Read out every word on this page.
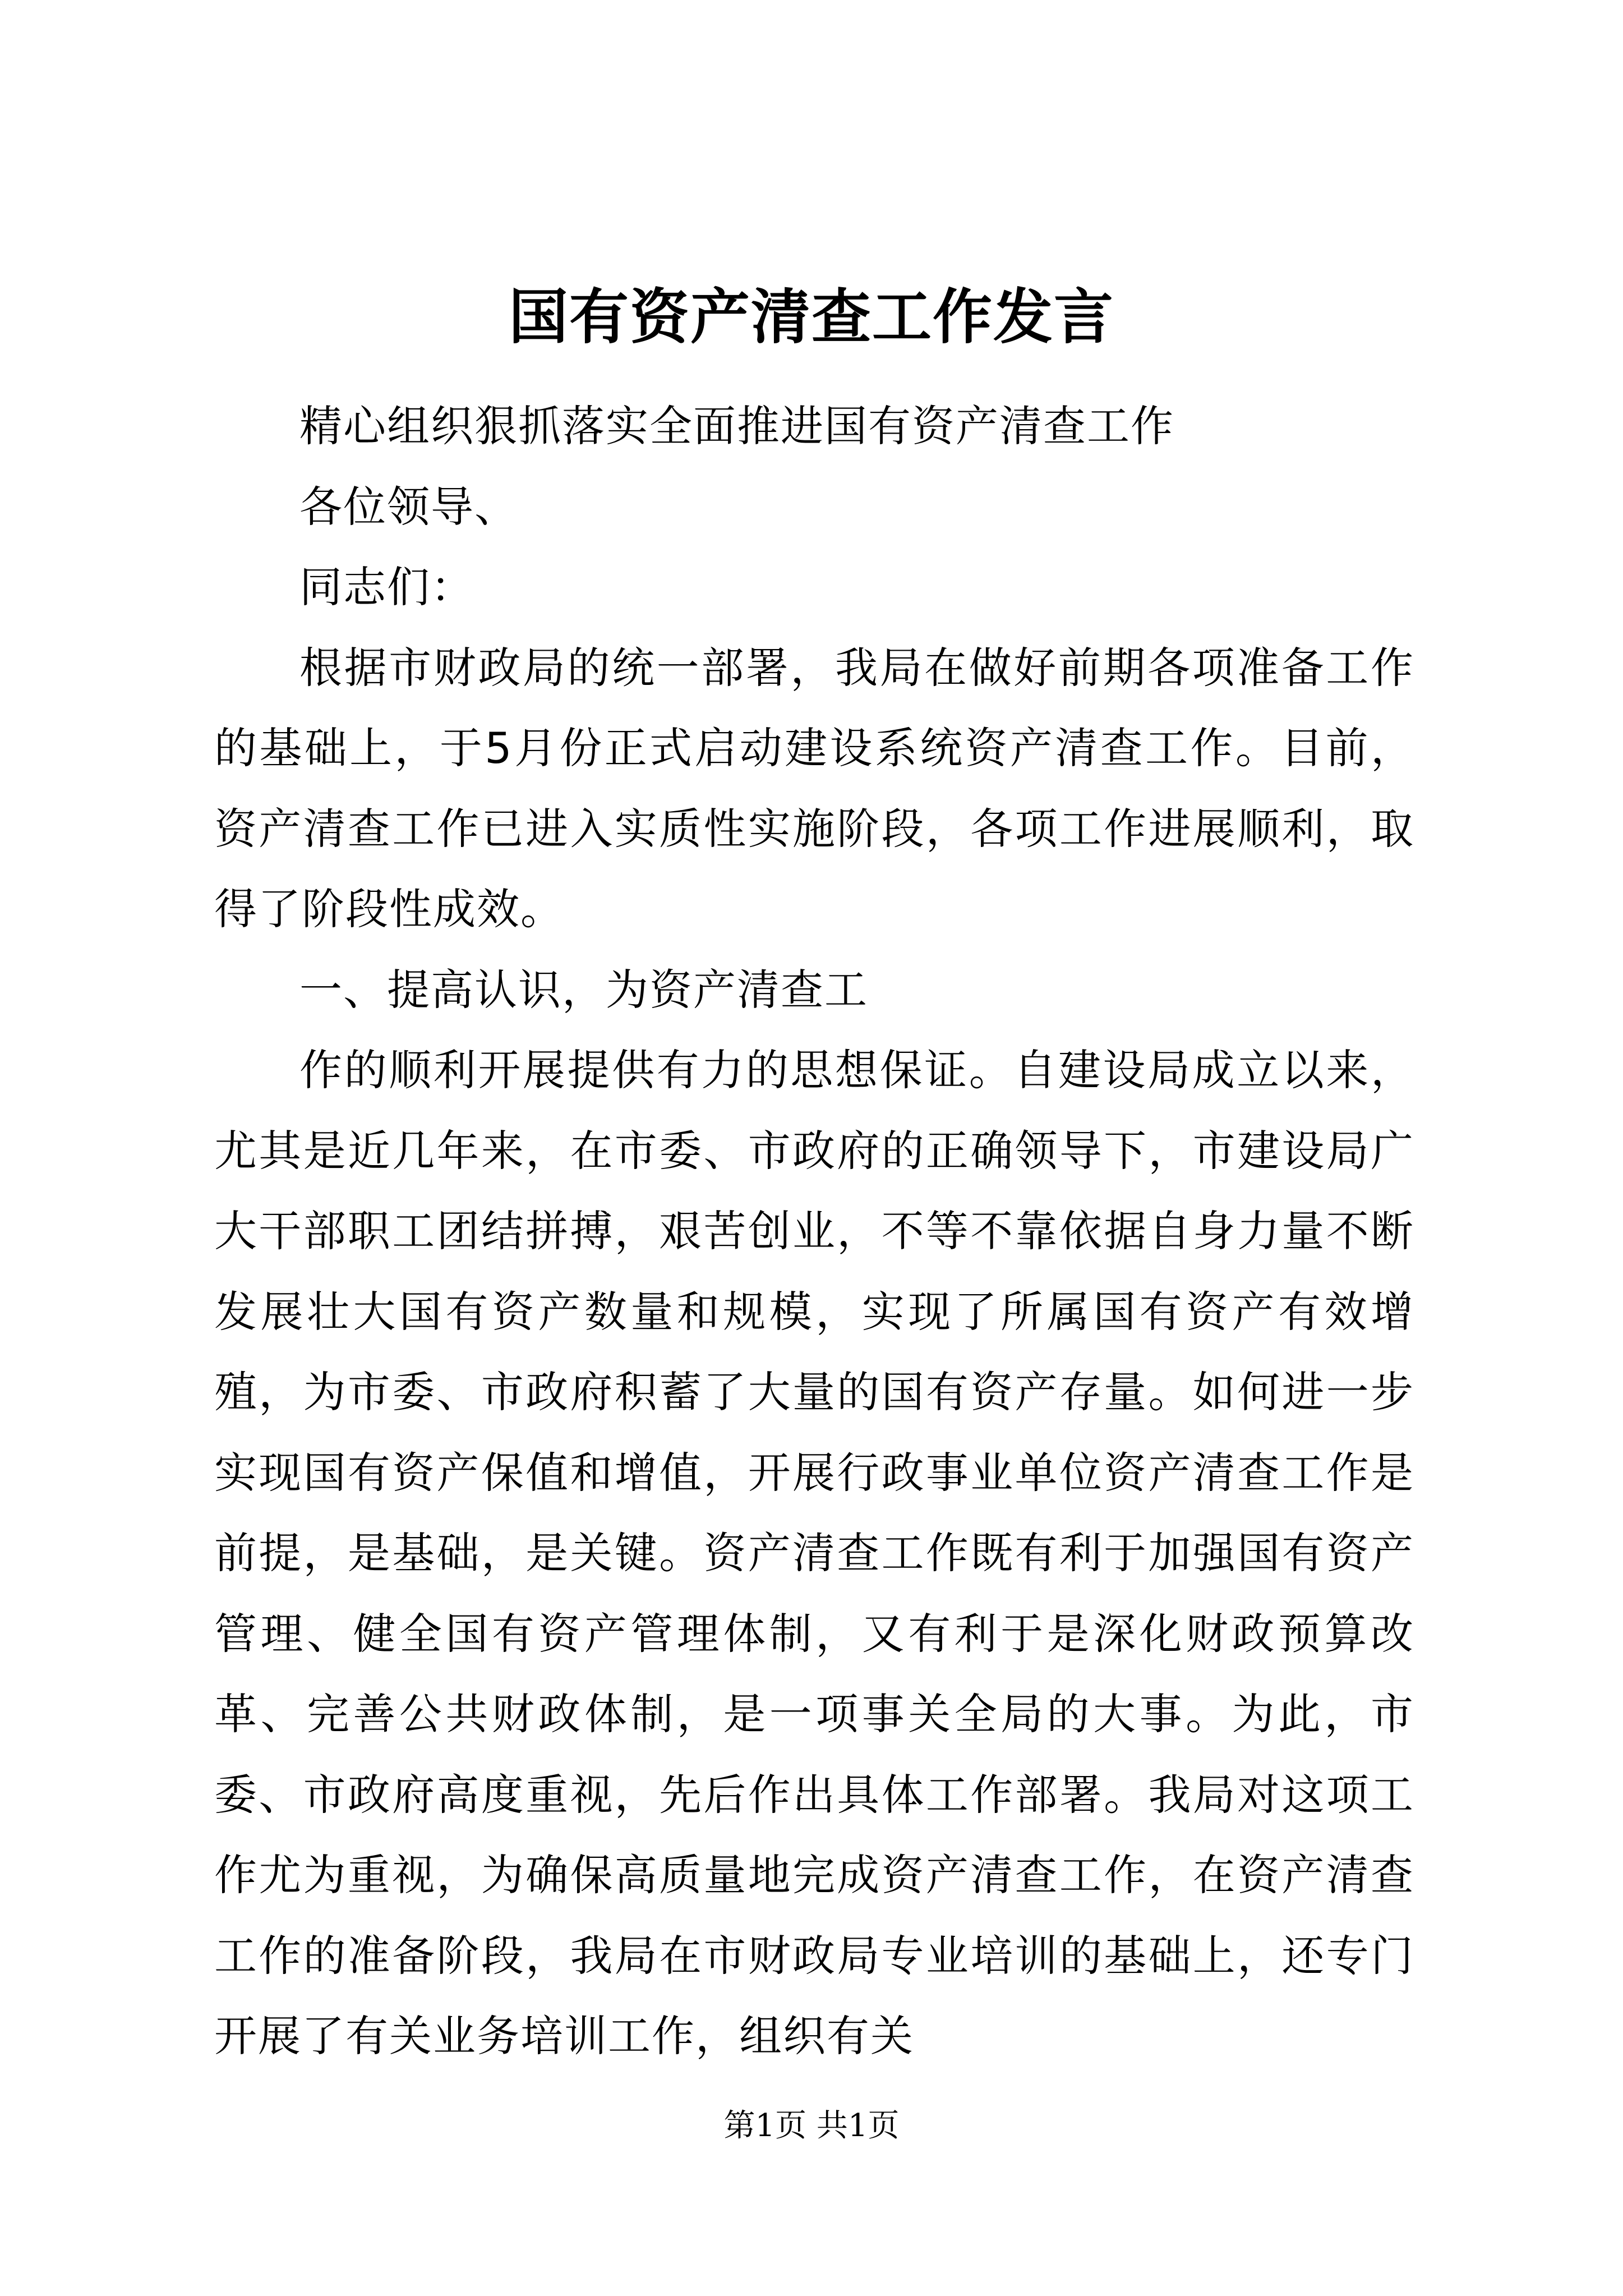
国有资产清查工作发言

精心组织狠抓落实全面推进国有资产清查工作

各位领导、

同志们：

根据市财政局的统一部署，我局在做好前期各项准备工作的基础上，于5月份正式启动建设系统资产清查工作。目前，资产清查工作已进入实质性实施阶段，各项工作进展顺利，取得了阶段性成效。

一、提高认识，为资产清查工

作的顺利开展提供有力的思想保证。自建设局成立以来，尤其是近几年来，在市委、市政府的正确领导下，市建设局广大干部职工团结拼搏，艰苦创业，不等不靠依据自身力量不断发展壮大国有资产数量和规模，实现了所属国有资产有效增殖，为市委、市政府积蓄了大量的国有资产存量。如何进一步实现国有资产保值和增值，开展行政事业单位资产清查工作是前提，是基础，是关键。资产清查工作既有利于加强国有资产管理、健全国有资产管理体制，又有利于是深化财政预算改革、完善公共财政体制，是一项事关全局的大事。为此，市委、市政府高度重视，先后作出具体工作部署。我局对这项工作尤为重视，为确保高质量地完成资产清查工作，在资产清查工作的准备阶段，我局在市财政局专业培训的基础上，还专门开展了有关业务培训工作，组织有关

第1页 共1页
